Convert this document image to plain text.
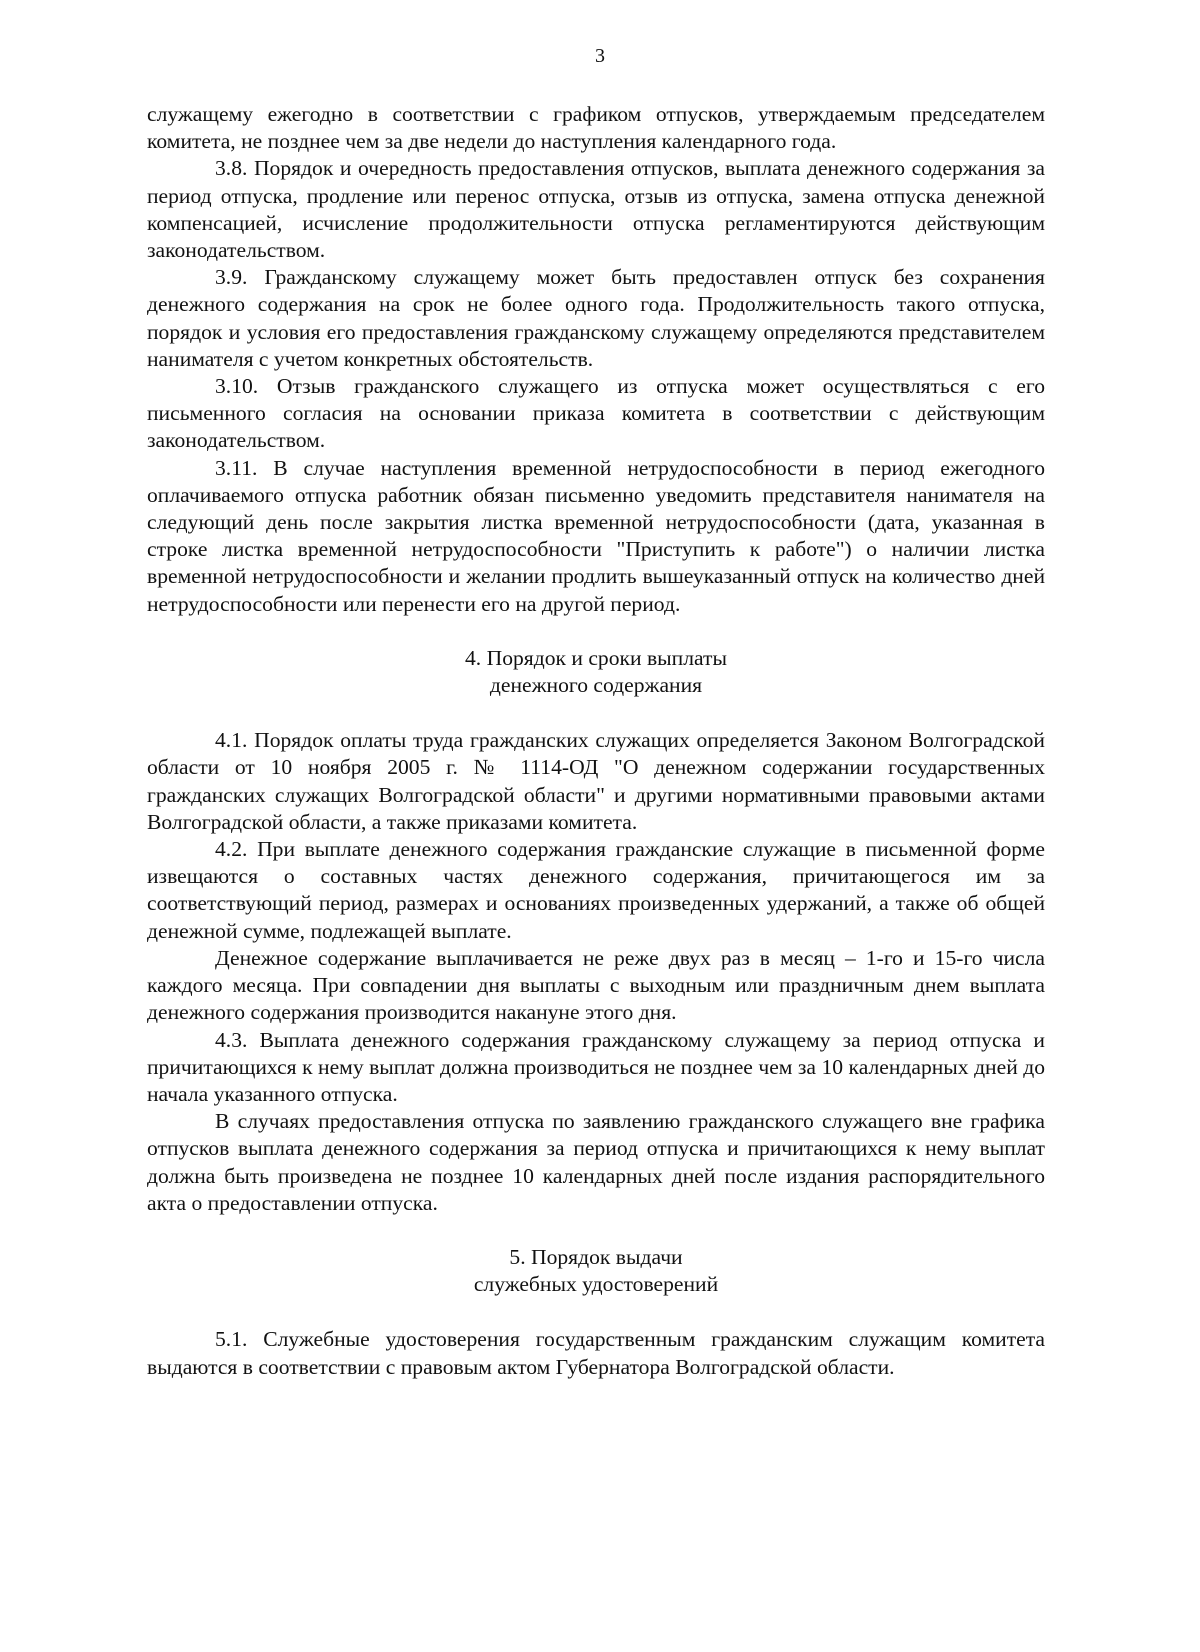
3

служащему ежегодно в соответствии с графиком отпусков, утверждаемым председателем комитета, не позднее чем за две недели до наступления календарного года.

3.8. Порядок и очередность предоставления отпусков, выплата денежного содержания за период отпуска, продление или перенос отпуска, отзыв из отпуска, замена отпуска денежной компенсацией, исчисление продолжительности отпуска регламентируются действующим законодательством.

3.9. Гражданскому служащему может быть предоставлен отпуск без сохранения денежного содержания на срок не более одного года. Продолжительность такого отпуска, порядок и условия его предоставления гражданскому служащему определяются представителем нанимателя с учетом конкретных обстоятельств.

3.10. Отзыв гражданского служащего из отпуска может осуществляться с его письменного согласия на основании приказа комитета в соответствии с действующим законодательством.

3.11. В случае наступления временной нетрудоспособности в период ежегодного оплачиваемого отпуска работник обязан письменно уведомить представителя нанимателя на следующий день после закрытия листка временной нетрудоспособности (дата, указанная в строке листка временной нетрудоспособности "Приступить к работе") о наличии листка временной нетрудоспособности и желании продлить вышеуказанный отпуск на количество дней нетрудоспособности или перенести его на другой период.

4. Порядок и сроки выплаты
денежного содержания

4.1. Порядок оплаты труда гражданских служащих определяется Законом Волгоградской области от 10 ноября 2005 г. № 1114-ОД "О денежном содержании государственных гражданских служащих Волгоградской области" и другими нормативными правовыми актами Волгоградской области, а также приказами комитета.

4.2. При выплате денежного содержания гражданские служащие в письменной форме извещаются о составных частях денежного содержания, причитающегося им за соответствующий период, размерах и основаниях произведенных удержаний, а также об общей денежной сумме, подлежащей выплате.

Денежное содержание выплачивается не реже двух раз в месяц – 1-го и 15-го числа каждого месяца. При совпадении дня выплаты с выходным или праздничным днем выплата денежного содержания производится накануне этого дня.

4.3. Выплата денежного содержания гражданскому служащему за период отпуска и причитающихся к нему выплат должна производиться не позднее чем за 10 календарных дней до начала указанного отпуска.

В случаях предоставления отпуска по заявлению гражданского служащего вне графика отпусков выплата денежного содержания за период отпуска и причитающихся к нему выплат должна быть произведена не позднее 10 календарных дней после издания распорядительного акта о предоставлении отпуска.

5. Порядок выдачи
служебных удостоверений

5.1. Служебные удостоверения государственным гражданским служащим комитета выдаются в соответствии с правовым актом Губернатора Волгоградской области.
